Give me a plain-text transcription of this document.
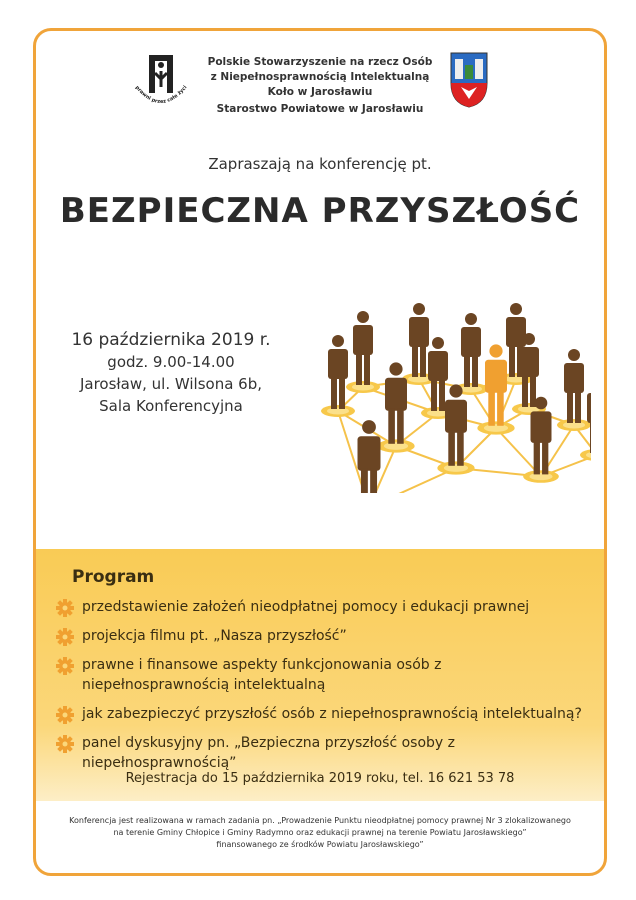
prawni przez całe życi
Polskie Stowarzyszenie na rzecz Osób
z Niepełnosprawnością Intelektualną
Koło w Jarosławiu
Starostwo Powiatowe w Jarosławiu
Zapraszają na konferencję pt.
BEZPIECZNA PRZYSZŁOŚĆ
16 października 2019 r.
godz. 9.00-14.00
Jarosław, ul. Wilsona 6b,
Sala Konferencyjna
Program
przedstawienie założeń nieodpłatnej pomocy i edukacji prawnej
projekcja filmu pt. „Nasza przyszłość”
prawne i finansowe aspekty funkcjonowania osób z niepełnosprawnością intelektualną
jak zabezpieczyć przyszłość osób z niepełnosprawnością intelektualną?
panel dyskusyjny pn. „Bezpieczna przyszłość osoby z niepełnosprawnością”
Rejestracja do 15 października 2019 roku, tel. 16 621 53 78
Konferencja jest realizowana w ramach zadania pn. „Prowadzenie Punktu nieodpłatnej pomocy prawnej Nr 3 zlokalizowanego
na terenie Gminy Chłopice i Gminy Radymno oraz edukacji prawnej na terenie Powiatu Jarosławskiego”
finansowanego ze środków Powiatu Jarosławskiego”
